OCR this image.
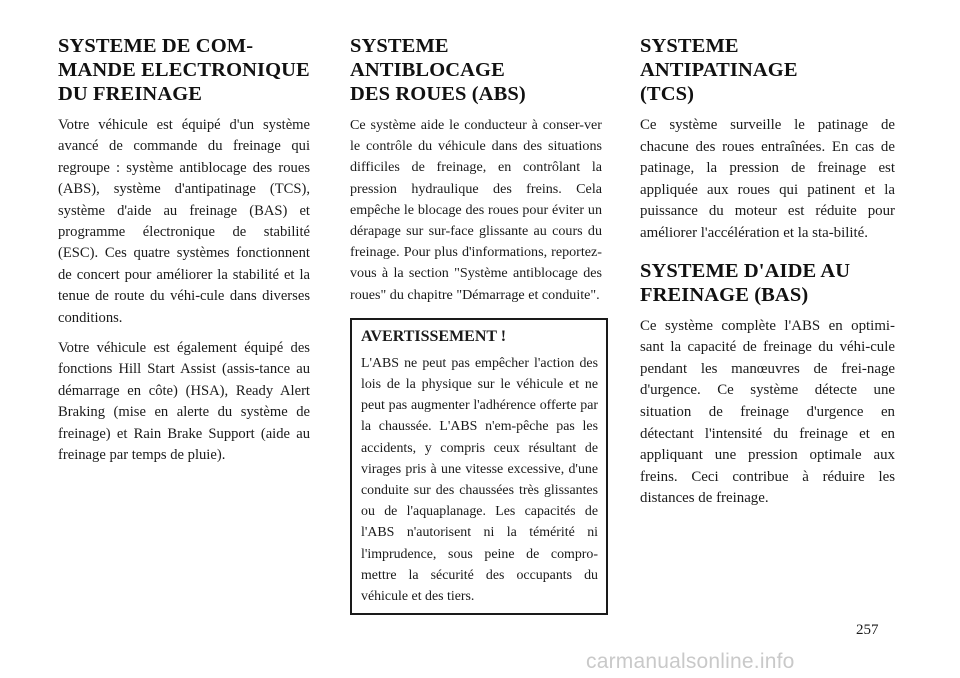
SYSTEME DE COM-
MANDE ELECTRONIQUE
DU FREINAGE

Votre véhicule est équipé d'un système avancé de commande du freinage qui regroupe : système antiblocage des roues (ABS), système d'antipatinage (TCS), système d'aide au freinage (BAS) et programme électronique de stabilité (ESC). Ces quatre systèmes fonctionnent de concert pour améliorer la stabilité et la tenue de route du véhi-cule dans diverses conditions.

Votre véhicule est également équipé des fonctions Hill Start Assist (assis-tance au démarrage en côte) (HSA), Ready Alert Braking (mise en alerte du système de freinage) et Rain Brake Support (aide au freinage par temps de pluie).

SYSTEME ANTIBLOCAGE
DES ROUES (ABS)

Ce système aide le conducteur à conser-ver le contrôle du véhicule dans des situations difficiles de freinage, en contrôlant la pression hydraulique des freins. Cela empêche le blocage des roues pour éviter un dérapage sur sur-face glissante au cours du freinage. Pour plus d'informations, reportez-vous à la section "Système antiblocage des roues" du chapitre "Démarrage et conduite".

AVERTISSEMENT !

L'ABS ne peut pas empêcher l'action des lois de la physique sur le véhicule et ne peut pas augmenter l'adhérence offerte par la chaussée. L'ABS n'em-pêche pas les accidents, y compris ceux résultant de virages pris à une vitesse excessive, d'une conduite sur des chaussées très glissantes ou de l'aquaplanage. Les capacités de l'ABS n'autorisent ni la témérité ni l'imprudence, sous peine de compro-mettre la sécurité des occupants du véhicule et des tiers.

SYSTEME ANTIPATINAGE
(TCS)

Ce système surveille le patinage de chacune des roues entraînées. En cas de patinage, la pression de freinage est appliquée aux roues qui patinent et la puissance du moteur est réduite pour améliorer l'accélération et la sta-bilité.

SYSTEME D'AIDE AU
FREINAGE (BAS)

Ce système complète l'ABS en optimi-sant la capacité de freinage du véhi-cule pendant les manœuvres de frei-nage d'urgence. Ce système détecte une situation de freinage d'urgence en détectant l'intensité du freinage et en appliquant une pression optimale aux freins. Ceci contribue à réduire les distances de freinage.

257
carmanualsonline.info
